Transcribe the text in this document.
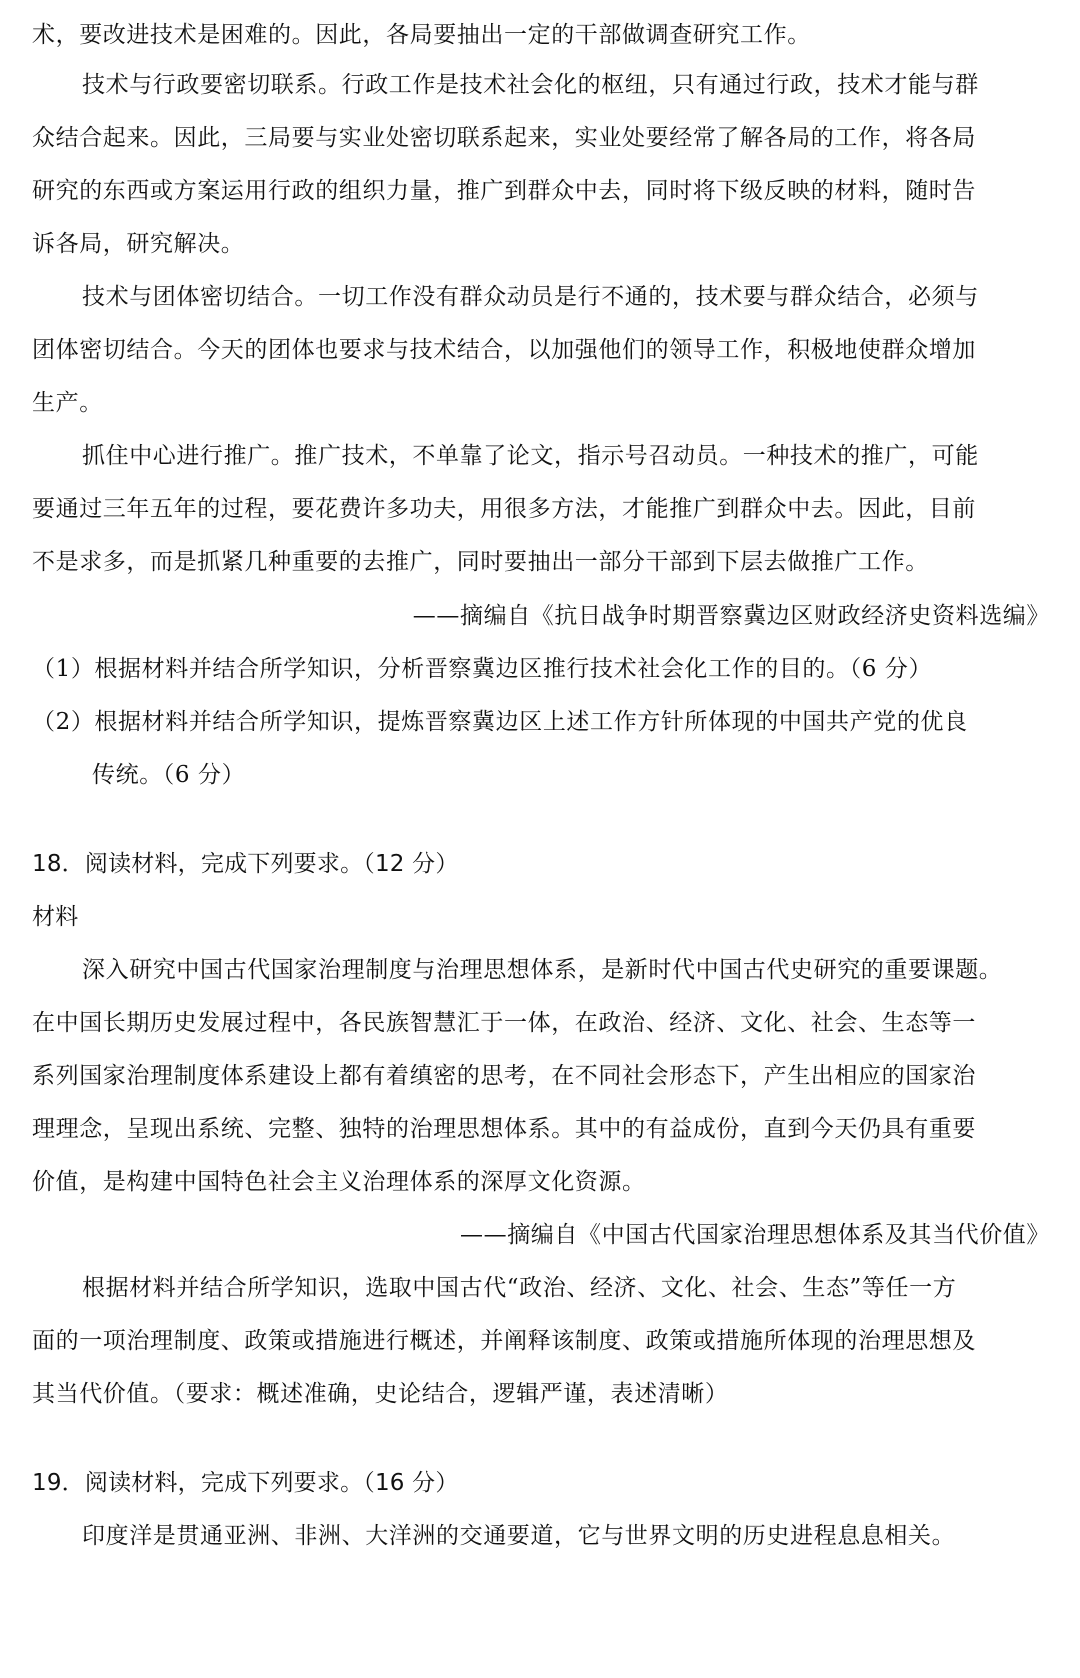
术，要改进技术是困难的。因此，各局要抽出一定的干部做调查研究工作。
技术与行政要密切联系。行政工作是技术社会化的枢纽，只有通过行政，技术才能与群
众结合起来。因此，三局要与实业处密切联系起来，实业处要经常了解各局的工作，将各局
研究的东西或方案运用行政的组织力量，推广到群众中去，同时将下级反映的材料，随时告
诉各局，研究解决。
技术与团体密切结合。一切工作没有群众动员是行不通的，技术要与群众结合，必须与
团体密切结合。今天的团体也要求与技术结合，以加强他们的领导工作，积极地使群众增加
生产。
抓住中心进行推广。推广技术，不单靠了论文，指示号召动员。一种技术的推广，可能
要通过三年五年的过程，要花费许多功夫，用很多方法，才能推广到群众中去。因此，目前
不是求多，而是抓紧几种重要的去推广，同时要抽出一部分干部到下层去做推广工作。
——摘编自《抗日战争时期晋察冀边区财政经济史资料选编》
（1）根据材料并结合所学知识，分析晋察冀边区推行技术社会化工作的目的。（6 分）
（2）根据材料并结合所学知识，提炼晋察冀边区上述工作方针所体现的中国共产党的优良
传统。（6 分）
18．阅读材料，完成下列要求。（12 分）
材料
深入研究中国古代国家治理制度与治理思想体系，是新时代中国古代史研究的重要课题。
在中国长期历史发展过程中，各民族智慧汇于一体，在政治、经济、文化、社会、生态等一
系列国家治理制度体系建设上都有着缜密的思考，在不同社会形态下，产生出相应的国家治
理理念，呈现出系统、完整、独特的治理思想体系。其中的有益成份，直到今天仍具有重要
价值，是构建中国特色社会主义治理体系的深厚文化资源。
——摘编自《中国古代国家治理思想体系及其当代价值》
根据材料并结合所学知识，选取中国古代“政治、经济、文化、社会、生态”等任一方
面的一项治理制度、政策或措施进行概述，并阐释该制度、政策或措施所体现的治理思想及
其当代价值。（要求：概述准确，史论结合，逻辑严谨，表述清晰）
19．阅读材料，完成下列要求。（16 分）
印度洋是贯通亚洲、非洲、大洋洲的交通要道，它与世界文明的历史进程息息相关。
